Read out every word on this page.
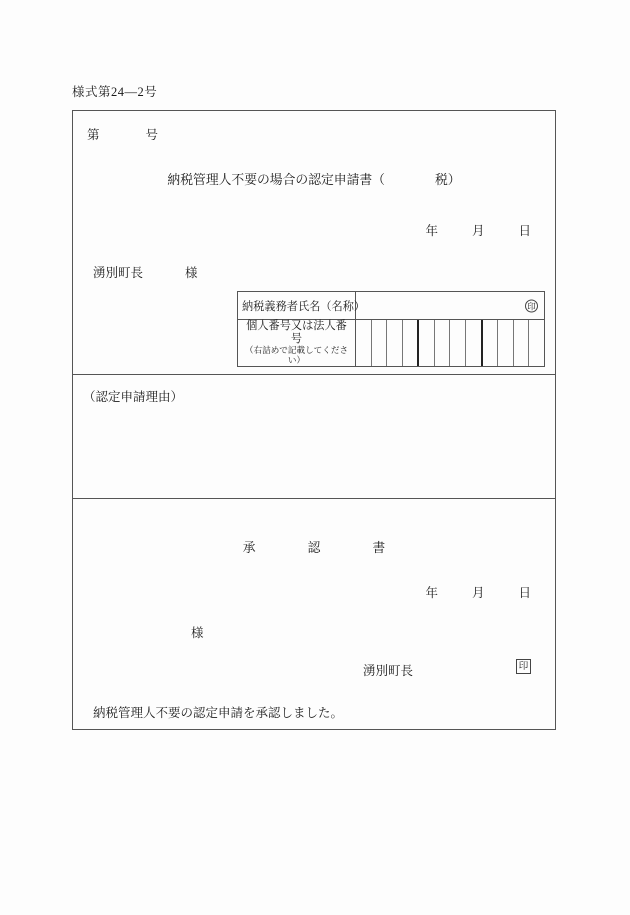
様式第24―2号
第	号
納税管理人不要の場合の認定申請書（	税）
年	月	日
湧別町長	様
納税義務者氏名（名称）	印

個人番号又は法人番号
（右詰めで記載してください）	

（認定申請理由）
承	認	書
年	月	日
様
湧別町長	印
納税管理人不要の認定申請を承認しました。
